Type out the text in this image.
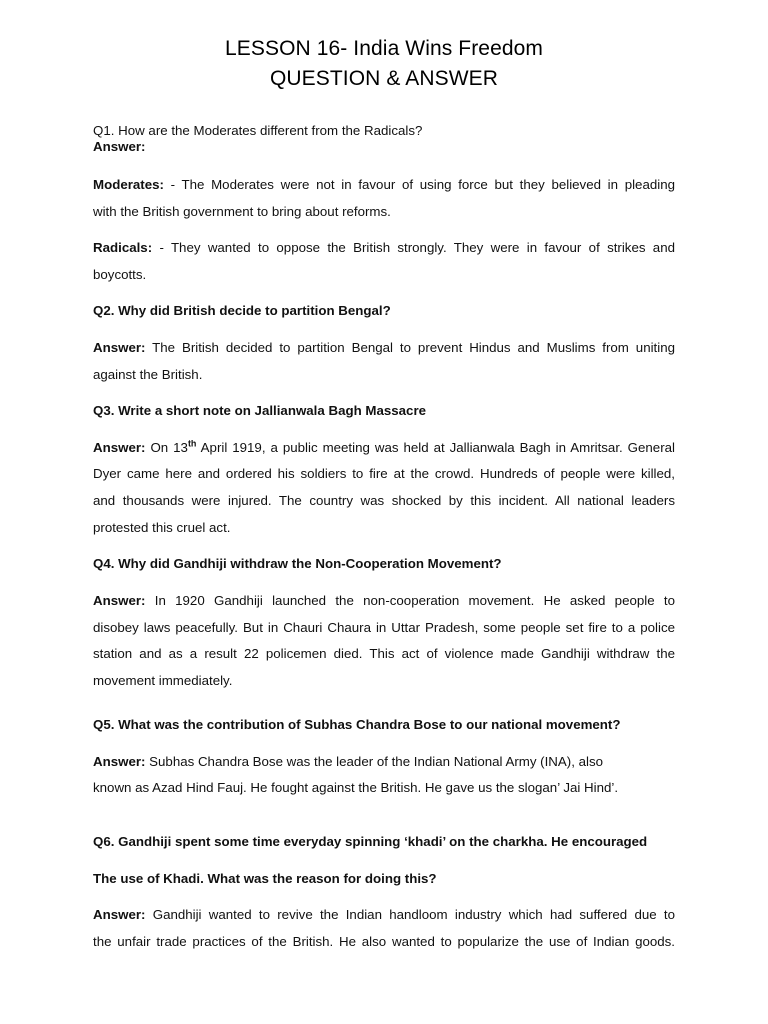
LESSON 16- India Wins Freedom
QUESTION & ANSWER
Q1. How are the Moderates different from the Radicals?
Answer:
Moderates: - The Moderates were not in favour of using force but they believed in pleading
with the British government to bring about reforms.
Radicals: - They wanted to oppose the British strongly. They were in favour of strikes and
boycotts.
Q2. Why did British decide to partition Bengal?
Answer: The British decided to partition Bengal to prevent Hindus and Muslims from uniting
against the British.
Q3. Write a short note on Jallianwala Bagh Massacre
Answer: On 13th April 1919, a public meeting was held at Jallianwala Bagh in Amritsar. General
Dyer came here and ordered his soldiers to fire at the crowd. Hundreds of people were killed,
and thousands were injured. The country was shocked by this incident. All national leaders
protested this cruel act.
Q4. Why did Gandhiji withdraw the Non-Cooperation Movement?
Answer: In 1920 Gandhiji launched the non-cooperation movement. He asked people to
disobey laws peacefully. But in Chauri Chaura in Uttar Pradesh, some people set fire to a police
station and as a result 22 policemen died. This act of violence made Gandhiji withdraw the
movement immediately.
Q5. What was the contribution of Subhas Chandra Bose to our national movement?
Answer: Subhas Chandra Bose was the leader of the Indian National Army (INA), also
known as Azad Hind Fauj. He fought against the British. He gave us the slogan’ Jai Hind’.
Q6. Gandhiji spent some time everyday spinning ‘khadi’ on the charkha. He encouraged
The use of Khadi. What was the reason for doing this?
Answer: Gandhiji wanted to revive the Indian handloom industry which had suffered due to
the unfair trade practices of the British. He also wanted to popularize the use of Indian goods.
